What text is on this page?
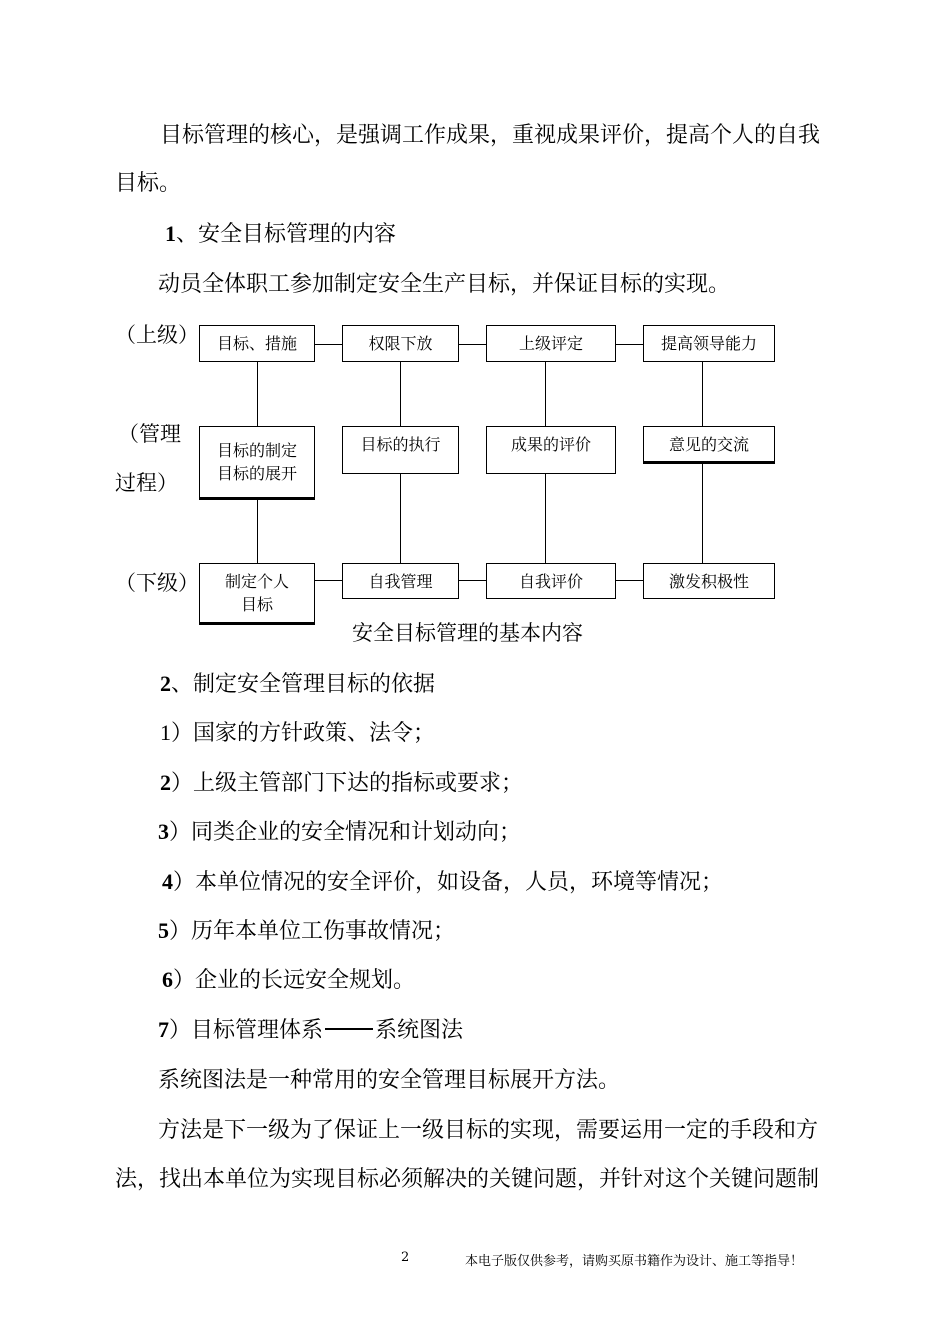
目标管理的核心，是强调工作成果，重视成果评价，提高个人的自我
目标。
1、安全目标管理的内容
动员全体职工参加制定安全生产目标，并保证目标的实现。
（上级）
（管理
过程）
（下级）
目标、措施	权限下放	上级评定	提高领导能力
目标的制定
目标的展开
目标的执行	成果的评价	意见的交流
制定个人
目标
自我管理	自我评价	激发积极性
安全目标管理的基本内容
2、制定安全管理目标的依据
1）国家的方针政策、法令；
2）上级主管部门下达的指标或要求；
3）同类企业的安全情况和计划动向；
4）本单位情况的安全评价，如设备，人员，环境等情况；
5）历年本单位工伤事故情况；
6）企业的长远安全规划。
7）目标管理体系 系统图法
系统图法是一种常用的安全管理目标展开方法。
方法是下一级为了保证上一级目标的实现，需要运用一定的手段和方
法，找出本单位为实现目标必须解决的关键问题，并针对这个关键问题制
2	本电子版仅供参考，请购买原书籍作为设计、施工等指导！
